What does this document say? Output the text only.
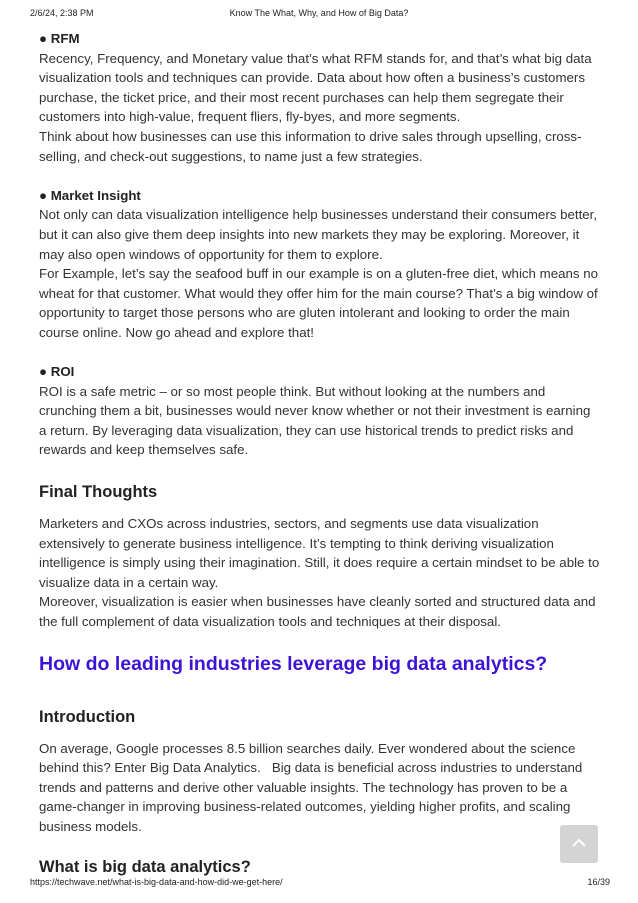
2/6/24, 2:38 PM	Know The What, Why, and How of Big Data?

● RFM

Recency, Frequency, and Monetary value that’s what RFM stands for, and that’s what big data visualization tools and techniques can provide. Data about how often a business’s customers purchase, the ticket price, and their most recent purchases can help them segregate their customers into high-value, frequent fliers, fly-byes, and more segments.

Think about how businesses can use this information to drive sales through upselling, cross-selling, and check-out suggestions, to name just a few strategies.

● Market Insight

Not only can data visualization intelligence help businesses understand their consumers better, but it can also give them deep insights into new markets they may be exploring. Moreover, it may also open windows of opportunity for them to explore.

For Example, let’s say the seafood buff in our example is on a gluten-free diet, which means no wheat for that customer. What would they offer him for the main course? That’s a big window of opportunity to target those persons who are gluten intolerant and looking to order the main course online. Now go ahead and explore that!

● ROI

ROI is a safe metric – or so most people think. But without looking at the numbers and crunching them a bit, businesses would never know whether or not their investment is earning a return. By leveraging data visualization, they can use historical trends to predict risks and rewards and keep themselves safe.

Final Thoughts

Marketers and CXOs across industries, sectors, and segments use data visualization extensively to generate business intelligence. It’s tempting to think deriving visualization intelligence is simply using their imagination. Still, it does require a certain mindset to be able to visualize data in a certain way.

Moreover, visualization is easier when businesses have cleanly sorted and structured data and the full complement of data visualization tools and techniques at their disposal.

How do leading industries leverage big data analytics?
Introduction

On average, Google processes 8.5 billion searches daily. Ever wondered about the science behind this? Enter Big Data Analytics.   Big data is beneficial across industries to understand trends and patterns and derive other valuable insights. The technology has proven to be a game-changer in improving business-related outcomes, yielding higher profits, and scaling business models.

What is big data analytics?
https://techwave.net/what-is-big-data-and-how-did-we-get-here/	16/39
